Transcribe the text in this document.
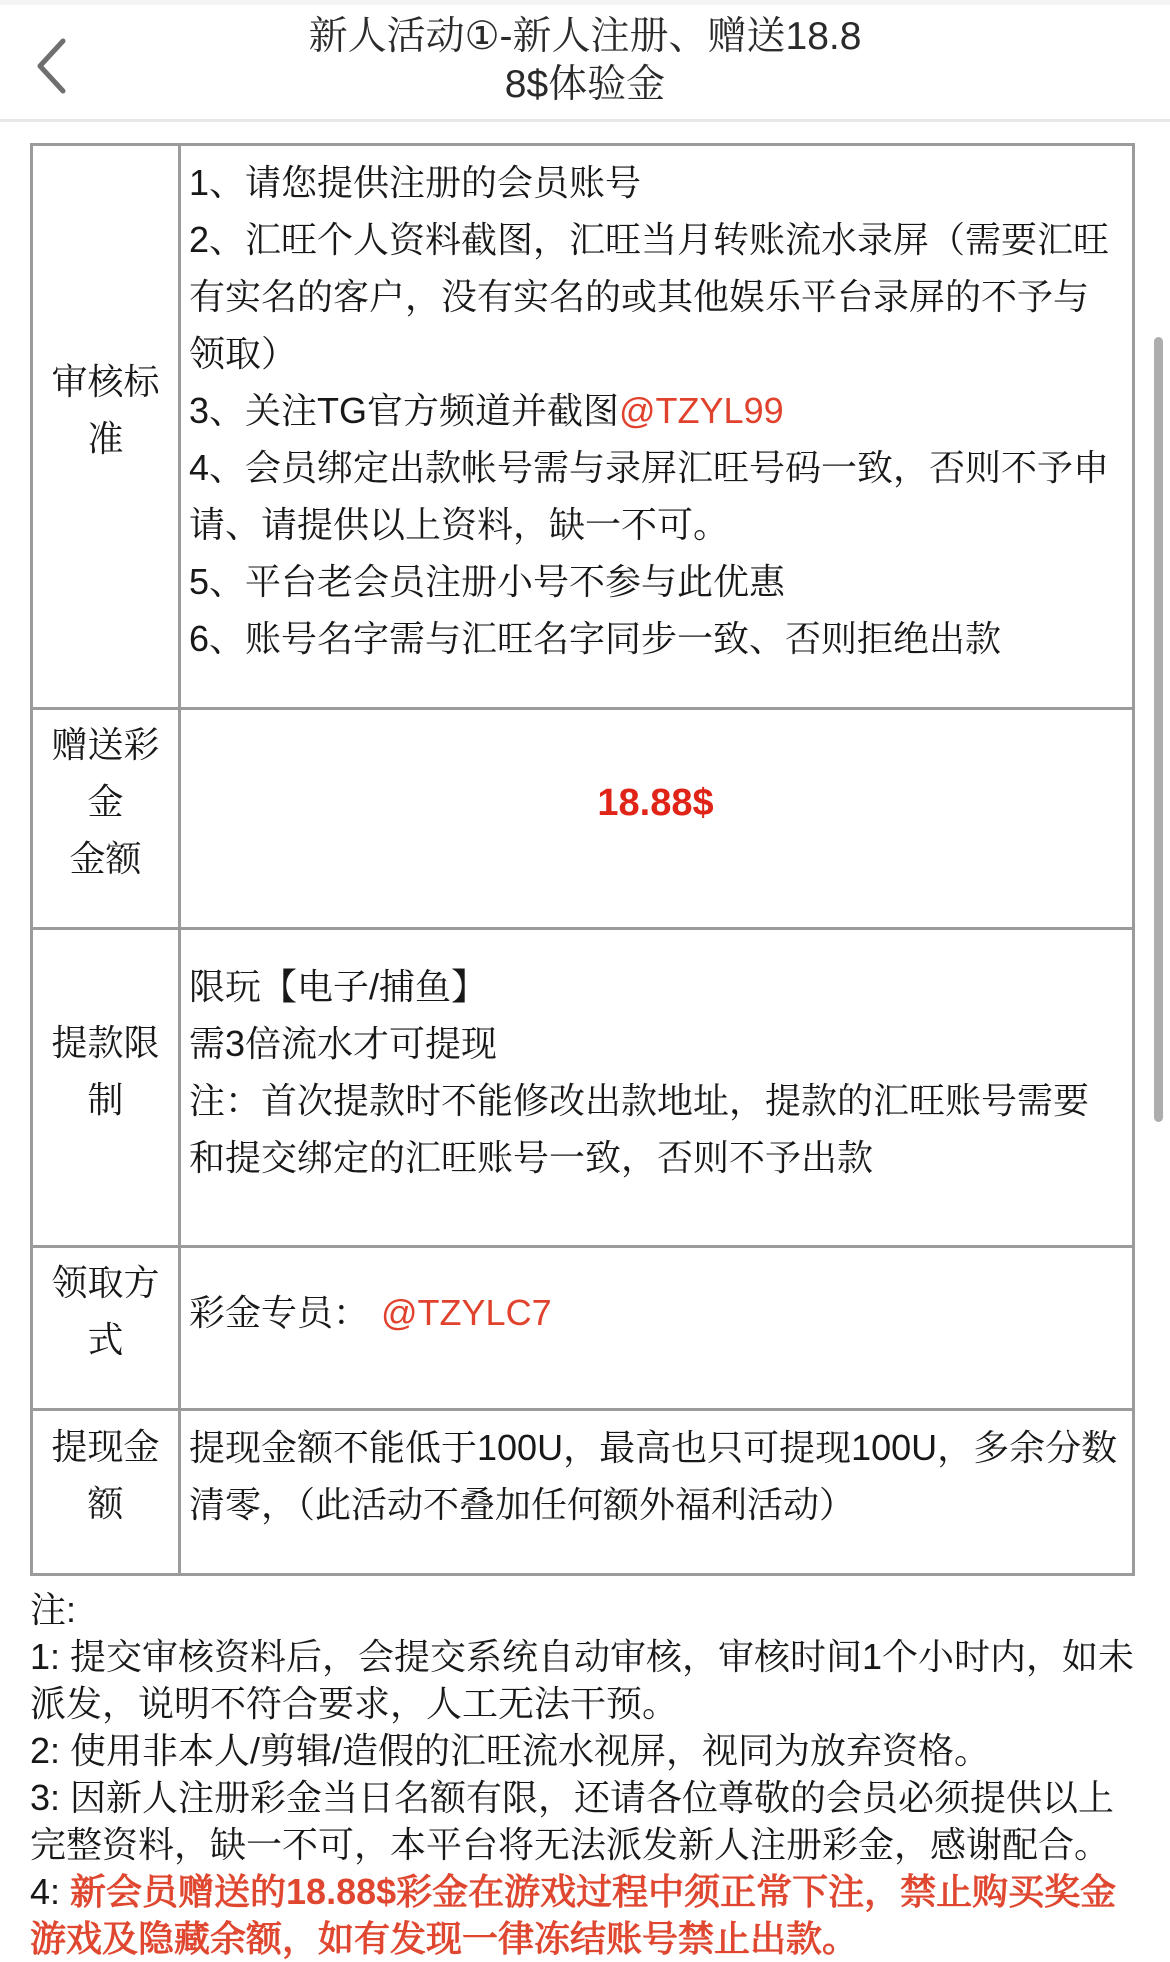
新人活动①-新人注册、赠送18.8
8$体验金
审核标准

1、请您提供注册的会员账号
2、汇旺个人资料截图，汇旺当月转账流水录屏（需要汇旺有实名的客户，没有实名的或其他娱乐平台录屏的不予与领取）
3、关注TG官方频道并截图@TZYL99
4、会员绑定出款帐号需与录屏汇旺号码一致，否则不予申请、请提供以上资料，缺一不可。
5、平台老会员注册小号不参与此优惠
6、账号名字需与汇旺名字同步一致、否则拒绝出款

赠送彩金
金额	18.88$

提款限制	限玩【电子/捕鱼】
需3倍流水才可提现
注：首次提款时不能修改出款地址，提款的汇旺账号需要和提交绑定的汇旺账号一致，否则不予出款

领取方式	彩金专员： @TZYLC7

提现金额	提现金额不能低于100U，最高也只可提现100U，多余分数清零，（此活动不叠加任何额外福利活动）

注:

1: 提交审核资料后，会提交系统自动审核，审核时间1个小时内，如未派发，说明不符合要求，人工无法干预。

2: 使用非本人/剪辑/造假的汇旺流水视屏，视同为放弃资格。

3: 因新人注册彩金当日名额有限，还请各位尊敬的会员必须提供以上完整资料，缺一不可，本平台将无法派发新人注册彩金，感谢配合。

4: 新会员赠送的18.88$彩金在游戏过程中须正常下注，禁止购买奖金游戏及隐藏余额，如有发现一律冻结账号禁止出款。
